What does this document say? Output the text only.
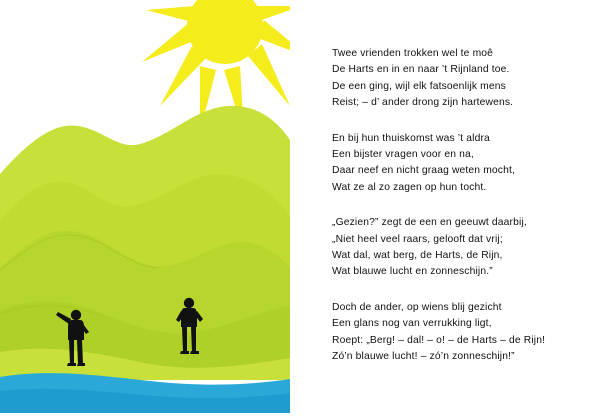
Twee vrienden trokken wel te moê
De Harts en in en naar ’t Rijnland toe.
De een ging, wijl elk fatsoenlijk mens
Reist; – d’ ander drong zijn hartewens.
En bij hun thuiskomst was ’t aldra
Een bijster vragen voor en na,
Daar neef en nicht graag weten mocht,
Wat ze al zo zagen op hun tocht.
„Gezien?” zegt de een en geeuwt daarbij,
„Niet heel veel raars, gelooft dat vrij;
Wat dal, wat berg, de Harts, de Rijn,
Wat blauwe lucht en zonneschijn.”
Doch de ander, op wiens blij gezicht
Een glans nog van verrukking ligt,
Roept: „Berg! – dal! – o! – de Harts – de Rijn!
Zó’n blauwe lucht! – zó’n zonneschijn!”
